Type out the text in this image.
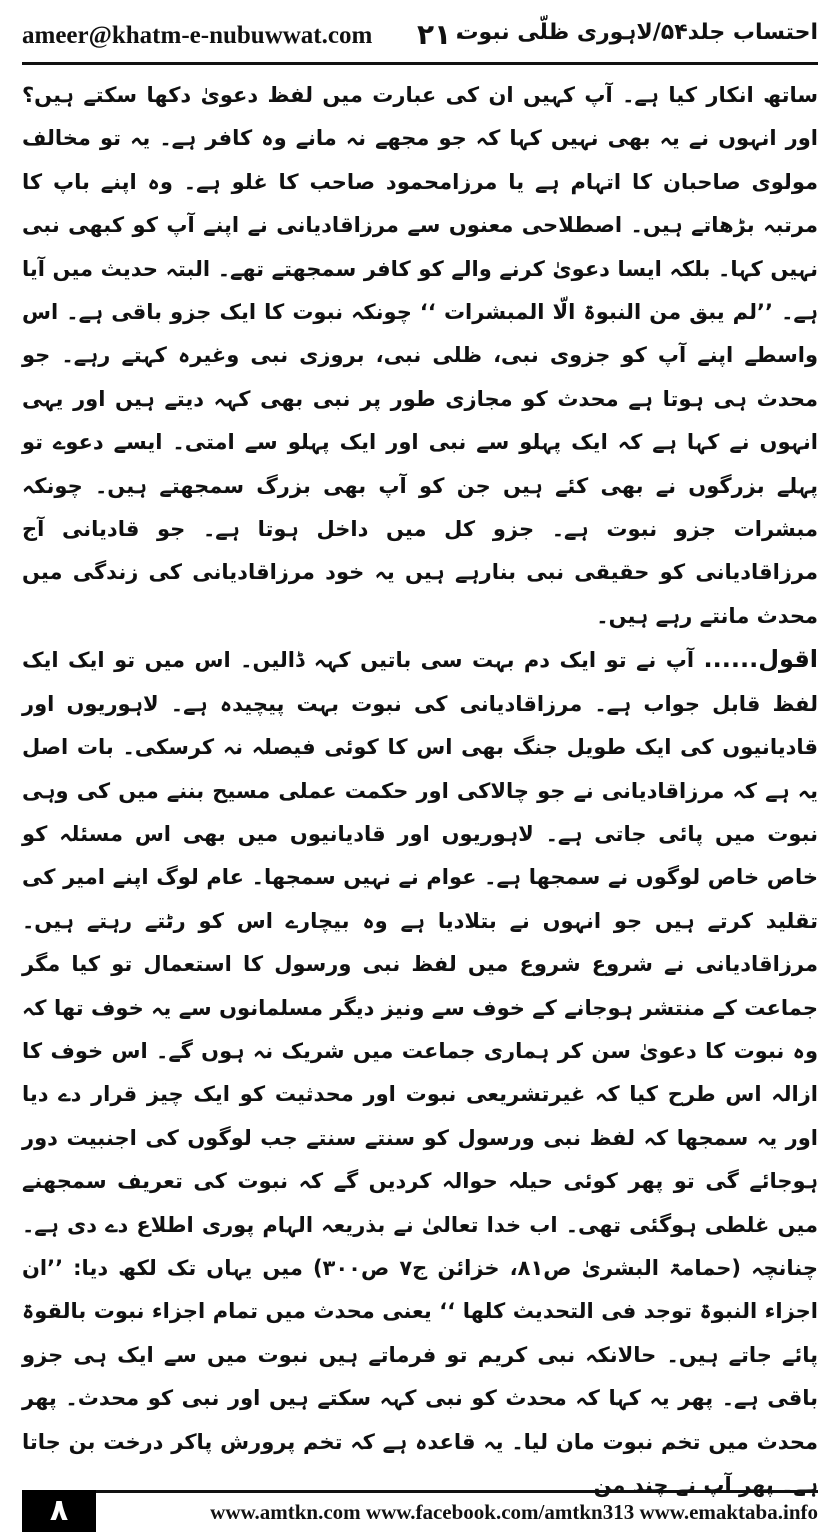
ameer@khatm-e-nubuwwat.com ۲۱۰
احتساب جلد۵۴/لاہوری ظلّی نبوت

ساتھ انکار کیا ہے۔ آپ کہیں ان کی عبارت میں لفظ دعویٰ دکھا سکتے ہیں؟ اور انہوں نے یہ بھی نہیں کہا کہ جو مجھے نہ مانے وہ کافر ہے۔ یہ تو مخالف مولوی صاحبان کا اتہام ہے یا مرزامحمود صاحب کا غلو ہے۔ وہ اپنے باپ کا مرتبہ بڑھاتے ہیں۔ اصطلاحی معنوں سے مرزاقادیانی نے اپنے آپ کو کبھی نبی نہیں کہا۔ بلکہ ایسا دعویٰ کرنے والے کو کافر سمجھتے تھے۔ البتہ حدیث میں آیا ہے۔ ’’لم یبق من النبوۃ الّا المبشرات ‘‘ چونکہ نبوت کا ایک جزو باقی ہے۔ اس واسطے اپنے آپ کو جزوی نبی، ظلی نبی، بروزی نبی وغیرہ کہتے رہے۔ جو محدث ہی ہوتا ہے محدث کو مجازی طور پر نبی بھی کہہ دیتے ہیں اور یہی انہوں نے کہا ہے کہ ایک پہلو سے نبی اور ایک پہلو سے امتی۔ ایسے دعوے تو پہلے بزرگوں نے بھی کئے ہیں جن کو آپ بھی بزرگ سمجھتے ہیں۔ چونکہ مبشرات جزو نبوت ہے۔ جزو کل میں داخل ہوتا ہے۔ جو قادیانی آج مرزاقادیانی کو حقیقی نبی بنارہے ہیں یہ خود مرزاقادیانی کی زندگی میں محدث مانتے رہے ہیں۔

اقول...... آپ نے تو ایک دم بہت سی باتیں کہہ ڈالیں۔ اس میں تو ایک ایک لفظ قابل جواب ہے۔ مرزاقادیانی کی نبوت بہت پیچیدہ ہے۔ لاہوریوں اور قادیانیوں کی ایک طویل جنگ بھی اس کا کوئی فیصلہ نہ کرسکی۔ بات اصل یہ ہے کہ مرزاقادیانی نے جو چالاکی اور حکمت عملی مسیح بننے میں کی وہی نبوت میں پائی جاتی ہے۔ لاہوریوں اور قادیانیوں میں بھی اس مسئلہ کو خاص خاص لوگوں نے سمجھا ہے۔ عوام نے نہیں سمجھا۔ عام لوگ اپنے امیر کی تقلید کرتے ہیں جو انہوں نے بتلادیا ہے وہ بیچارے اس کو رٹتے رہتے ہیں۔ مرزاقادیانی نے شروع شروع میں لفظ نبی ورسول کا استعمال تو کیا مگر جماعت کے منتشر ہوجانے کے خوف سے ونیز دیگر مسلمانوں سے یہ خوف تھا کہ وہ نبوت کا دعویٰ سن کر ہماری جماعت میں شریک نہ ہوں گے۔ اس خوف کا ازالہ اس طرح کیا کہ غیرتشریعی نبوت اور محدثیت کو ایک چیز قرار دے دیا اور یہ سمجھا کہ لفظ نبی ورسول کو سنتے سنتے جب لوگوں کی اجنبیت دور ہوجائے گی تو پھر کوئی حیلہ حوالہ کردیں گے کہ نبوت کی تعریف سمجھنے میں غلطی ہوگئی تھی۔ اب خدا تعالیٰ نے بذریعہ الہام پوری اطلاع دے دی ہے۔ چنانچہ (حمامۃ البشریٰ ص۸۱، خزائن ج۷ ص۳۰۰) میں یہاں تک لکھ دیا: ’’ان اجزاء النبوۃ توجد فی التحدیث کلھا ‘‘ یعنی محدث میں تمام اجزاء نبوت بالقوۃ پائے جاتے ہیں۔ حالانکہ نبی کریم تو فرماتے ہیں نبوت میں سے ایک ہی جزو باقی ہے۔ پھر یہ کہا کہ محدث کو نبی کہہ سکتے ہیں اور نبی کو محدث۔ پھر محدث میں تخم نبوت مان لیا۔ یہ قاعدہ ہے کہ تخم پرورش پاکر درخت بن جاتا ہے۔ پھر آپ نے چند من

۸	www.amtkn.com www.facebook.com/amtkn313 www.emaktaba.info
